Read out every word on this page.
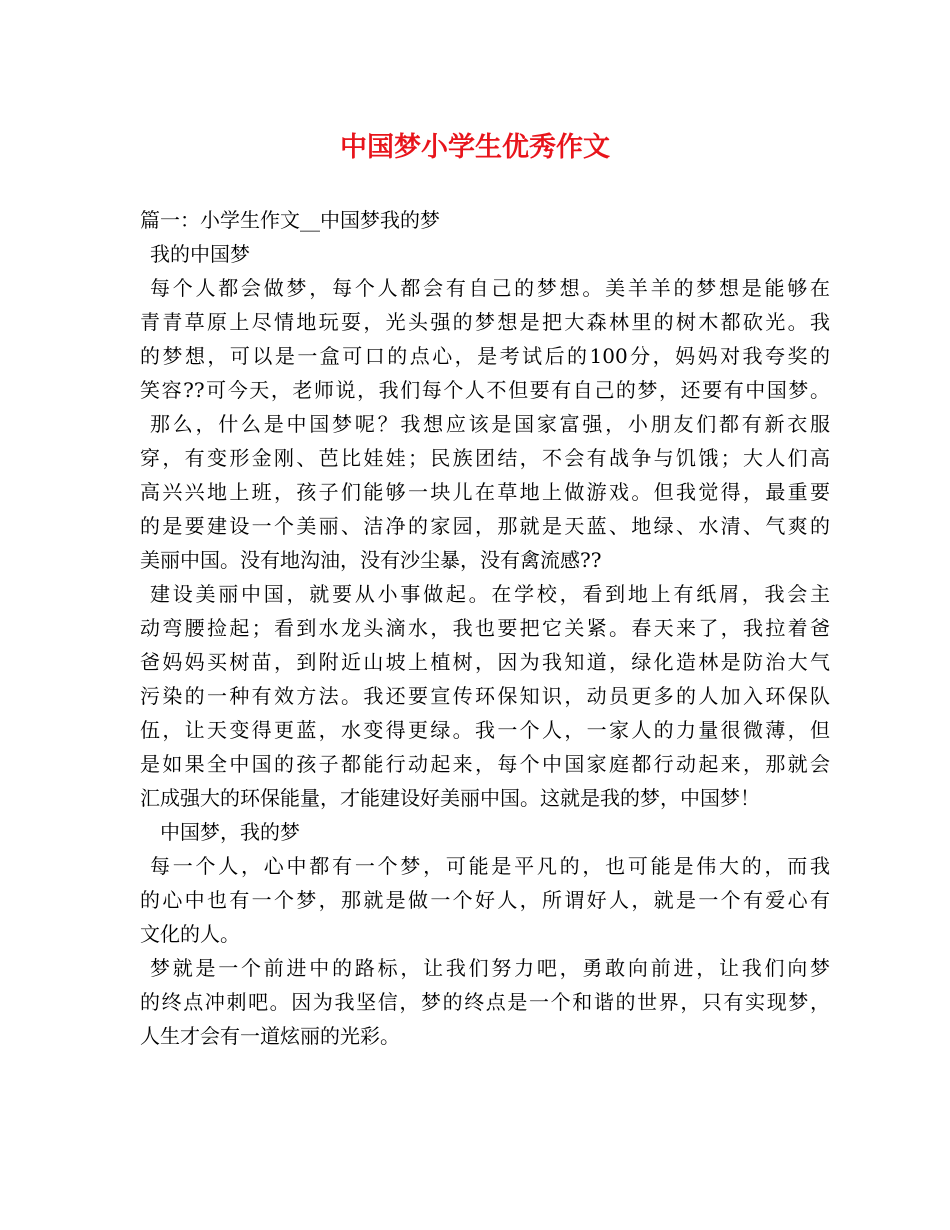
中国梦小学生优秀作文

篇一：小学生作文__中国梦我的梦

我的中国梦

每个人都会做梦，每个人都会有自己的梦想。美羊羊的梦想是能够在

青青草原上尽情地玩耍，光头强的梦想是把大森林里的树木都砍光。我

的梦想，可以是一盒可口的点心，是考试后的100分，妈妈对我夸奖的

笑容??可今天，老师说，我们每个人不但要有自己的梦，还要有中国梦。

那么，什么是中国梦呢？我想应该是国家富强，小朋友们都有新衣服

穿，有变形金刚、芭比娃娃；民族团结，不会有战争与饥饿；大人们高

高兴兴地上班，孩子们能够一块儿在草地上做游戏。但我觉得，最重要

的是要建设一个美丽、洁净的家园，那就是天蓝、地绿、水清、气爽的

美丽中国。没有地沟油，没有沙尘暴，没有禽流感??

建设美丽中国，就要从小事做起。在学校，看到地上有纸屑，我会主

动弯腰捡起；看到水龙头滴水，我也要把它关紧。春天来了，我拉着爸

爸妈妈买树苗，到附近山坡上植树，因为我知道，绿化造林是防治大气

污染的一种有效方法。我还要宣传环保知识，动员更多的人加入环保队

伍，让天变得更蓝，水变得更绿。我一个人，一家人的力量很微薄，但

是如果全中国的孩子都能行动起来，每个中国家庭都行动起来，那就会

汇成强大的环保能量，才能建设好美丽中国。这就是我的梦，中国梦！

中国梦，我的梦

每一个人，心中都有一个梦，可能是平凡的，也可能是伟大的，而我

的心中也有一个梦，那就是做一个好人，所谓好人，就是一个有爱心有

文化的人。

梦就是一个前进中的路标，让我们努力吧，勇敢向前进，让我们向梦

的终点冲刺吧。因为我坚信，梦的终点是一个和谐的世界，只有实现梦，

人生才会有一道炫丽的光彩。
